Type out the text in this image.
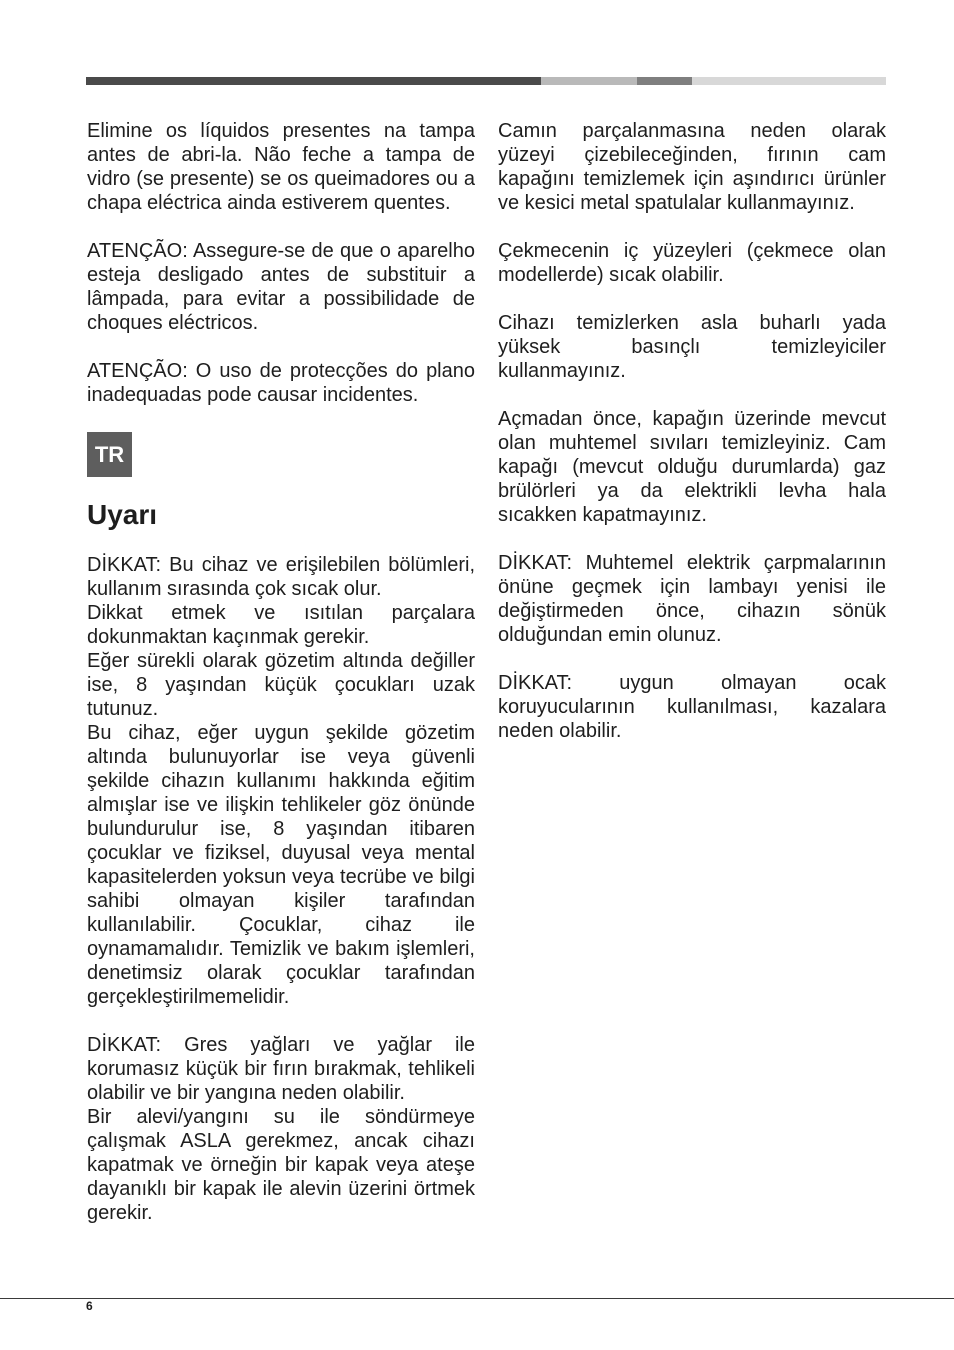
Elimine os líquidos presentes na tampa antes de abri-la. Não feche a tampa de vidro (se presente) se os queimadores ou a chapa eléctrica ainda estiverem quentes.

ATENÇÃO: Assegure-se de que o aparelho esteja desligado antes de substituir a lâmpada, para evitar a possibilidade de choques eléctricos.

ATENÇÃO: O uso de protecções do plano inadequadas pode causar incidentes.

TR
Uyarı

DİKKAT: Bu cihaz ve erişilebilen bölümleri, kullanım sırasında çok sıcak olur.

Dikkat etmek ve ısıtılan parçalara dokunmaktan kaçınmak gerekir.

Eğer sürekli olarak gözetim altında değiller ise, 8 yaşından küçük çocukları uzak tutunuz.

Bu cihaz, eğer uygun şekilde gözetim altında bulunuyorlar ise veya güvenli şekilde cihazın kullanımı hakkında eğitim almışlar ise ve ilişkin tehlikeler göz önünde bulundurulur ise, 8 yaşından itibaren çocuklar ve fiziksel, duyusal veya mental kapasitelerden yoksun veya tecrübe ve bilgi sahibi olmayan kişiler tarafından kullanılabilir. Çocuklar, cihaz ile oynamamalıdır. Temizlik ve bakım işlemleri, denetimsiz olarak çocuklar tarafından gerçekleştirilmemelidir.

DİKKAT: Gres yağları ve yağlar ile korumasız küçük bir fırın bırakmak, tehlikeli olabilir ve bir yangına neden olabilir.

Bir alevi/yangını su ile söndürmeye çalışmak ASLA gerekmez, ancak cihazı kapatmak ve örneğin bir kapak veya ateşe dayanıklı bir kapak ile alevin üzerini örtmek gerekir.

Camın parçalanmasına neden olarak yüzeyi çizebileceğinden, fırının cam kapağını temizlemek için aşındırıcı ürünler ve kesici metal spatulalar kullanmayınız.

Çekmecenin iç yüzeyleri (çekmece olan modellerde) sıcak olabilir.

Cihazı temizlerken asla buharlı yada yüksek basınçlı temizleyiciler kullanmayınız.

Açmadan önce, kapağın üzerinde mevcut olan muhtemel sıvıları temizleyiniz. Cam kapağı (mevcut olduğu durumlarda) gaz brülörleri ya da elektrikli levha hala sıcakken kapatmayınız.

DİKKAT: Muhtemel elektrik çarpmalarının önüne geçmek için lambayı yenisi ile değiştirmeden önce, cihazın sönük olduğundan emin olunuz.

DİKKAT: uygun olmayan ocak koruyucularının kullanılması, kazalara neden olabilir.

6
